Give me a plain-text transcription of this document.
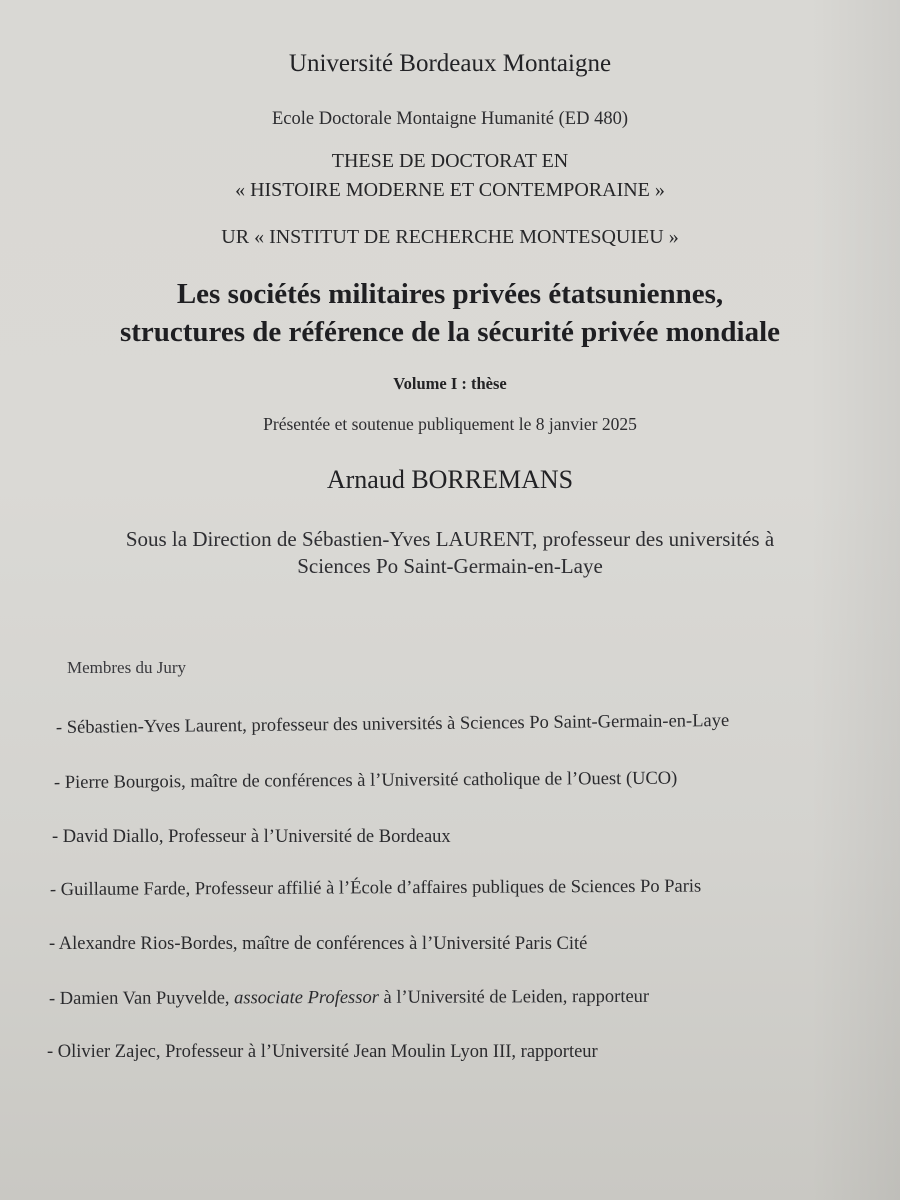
Université Bordeaux Montaigne
Ecole Doctorale Montaigne Humanité (ED 480)
THESE DE DOCTORAT EN
« HISTOIRE MODERNE ET CONTEMPORAINE »
UR « INSTITUT DE RECHERCHE MONTESQUIEU »
Les sociétés militaires privées étatsuniennes,
structures de référence de la sécurité privée mondiale
Volume I : thèse
Présentée et soutenue publiquement le 8 janvier 2025
Arnaud BORREMANS
Sous la Direction de Sébastien-Yves LAURENT, professeur des universités à
Sciences Po Saint-Germain-en-Laye
Membres du Jury
- Sébastien-Yves Laurent, professeur des universités à Sciences Po Saint-Germain-en-Laye
- Pierre Bourgois, maître de conférences à l’Université catholique de l’Ouest (UCO)
- David Diallo, Professeur à l’Université de Bordeaux
- Guillaume Farde, Professeur affilié à l’École d’affaires publiques de Sciences Po Paris
- Alexandre Rios-Bordes, maître de conférences à l’Université Paris Cité
- Damien Van Puyvelde, associate Professor à l’Université de Leiden, rapporteur
- Olivier Zajec, Professeur à l’Université Jean Moulin Lyon III, rapporteur
